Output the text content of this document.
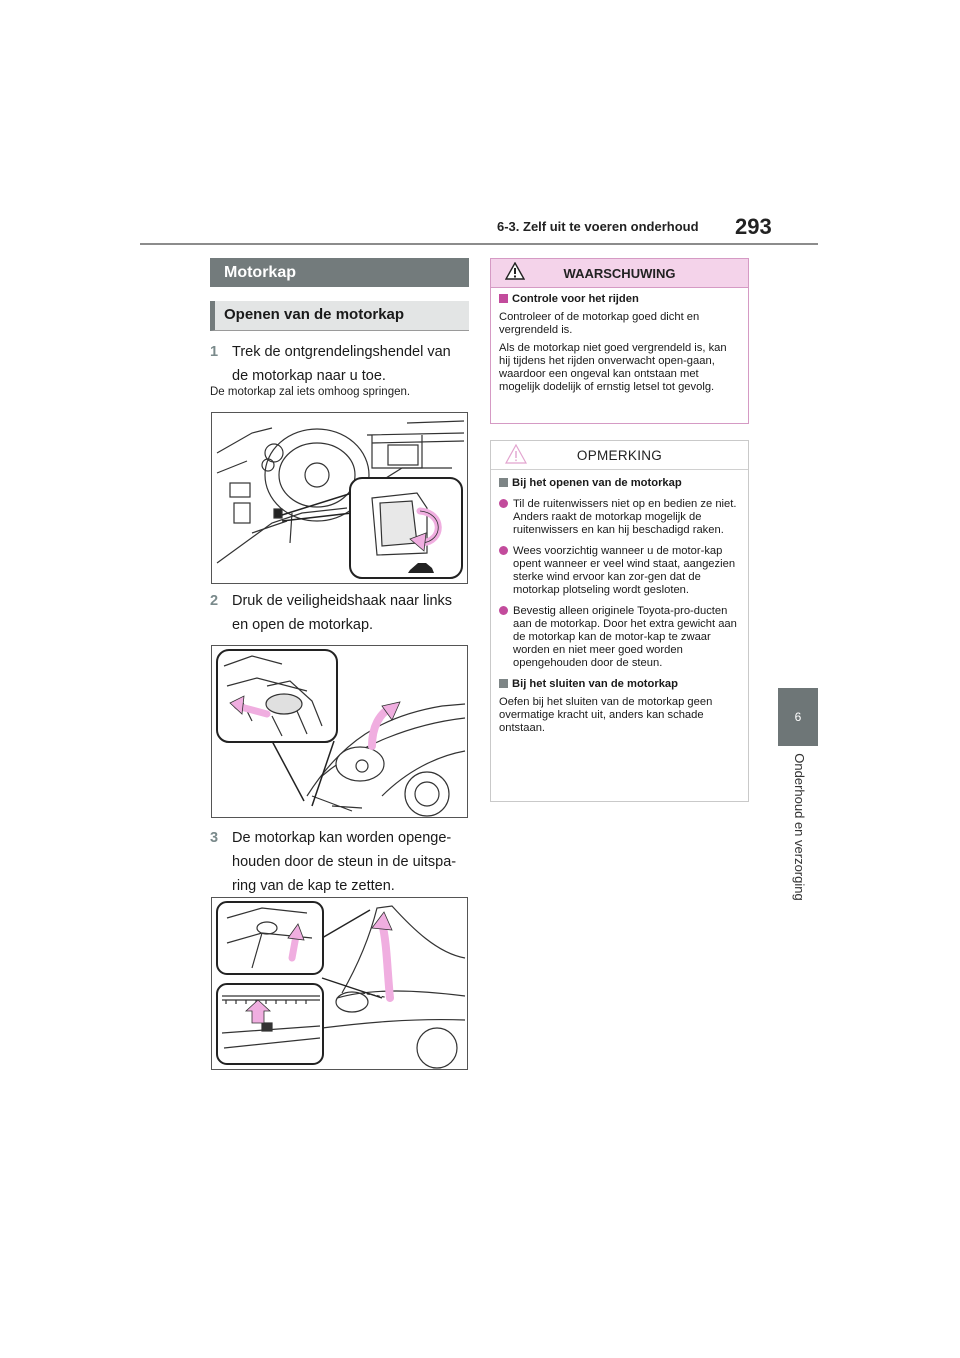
6-3. Zelf uit te voeren onderhoud 293
6
Onderhoud en verzorging
Motorkap
Openen van de motorkap
1 Trek de ontgrendelingshendel van de motorkap naar u toe.
De motorkap zal iets omhoog springen.
2 Druk de veiligheidshaak naar links en open de motorkap.
3 De motorkap kan worden openge-houden door de steun in de uitspa-ring van de kap te zetten.
WAARSCHUWING

Controle voor het rijden

Controleer of de motorkap goed dicht en vergrendeld is.

Als de motorkap niet goed vergrendeld is, kan hij tijdens het rijden onverwacht open-gaan, waardoor een ongeval kan ontstaan met mogelijk dodelijk of ernstig letsel tot gevolg.

OPMERKING

Bij het openen van de motorkap

Til de ruitenwissers niet op en bedien ze niet. Anders raakt de motorkap mogelijk de ruitenwissers en kan hij beschadigd raken.
Wees voorzichtig wanneer u de motor-kap opent wanneer er veel wind staat, aangezien sterke wind ervoor kan zor-gen dat de motorkap plotseling wordt gesloten.
Bevestig alleen originele Toyota-pro-ducten aan de motorkap. Door het extra gewicht aan de motorkap kan de motor-kap te zwaar worden en niet meer goed worden opengehouden door de steun.

Bij het sluiten van de motorkap

Oefen bij het sluiten van de motorkap geen overmatige kracht uit, anders kan schade ontstaan.
